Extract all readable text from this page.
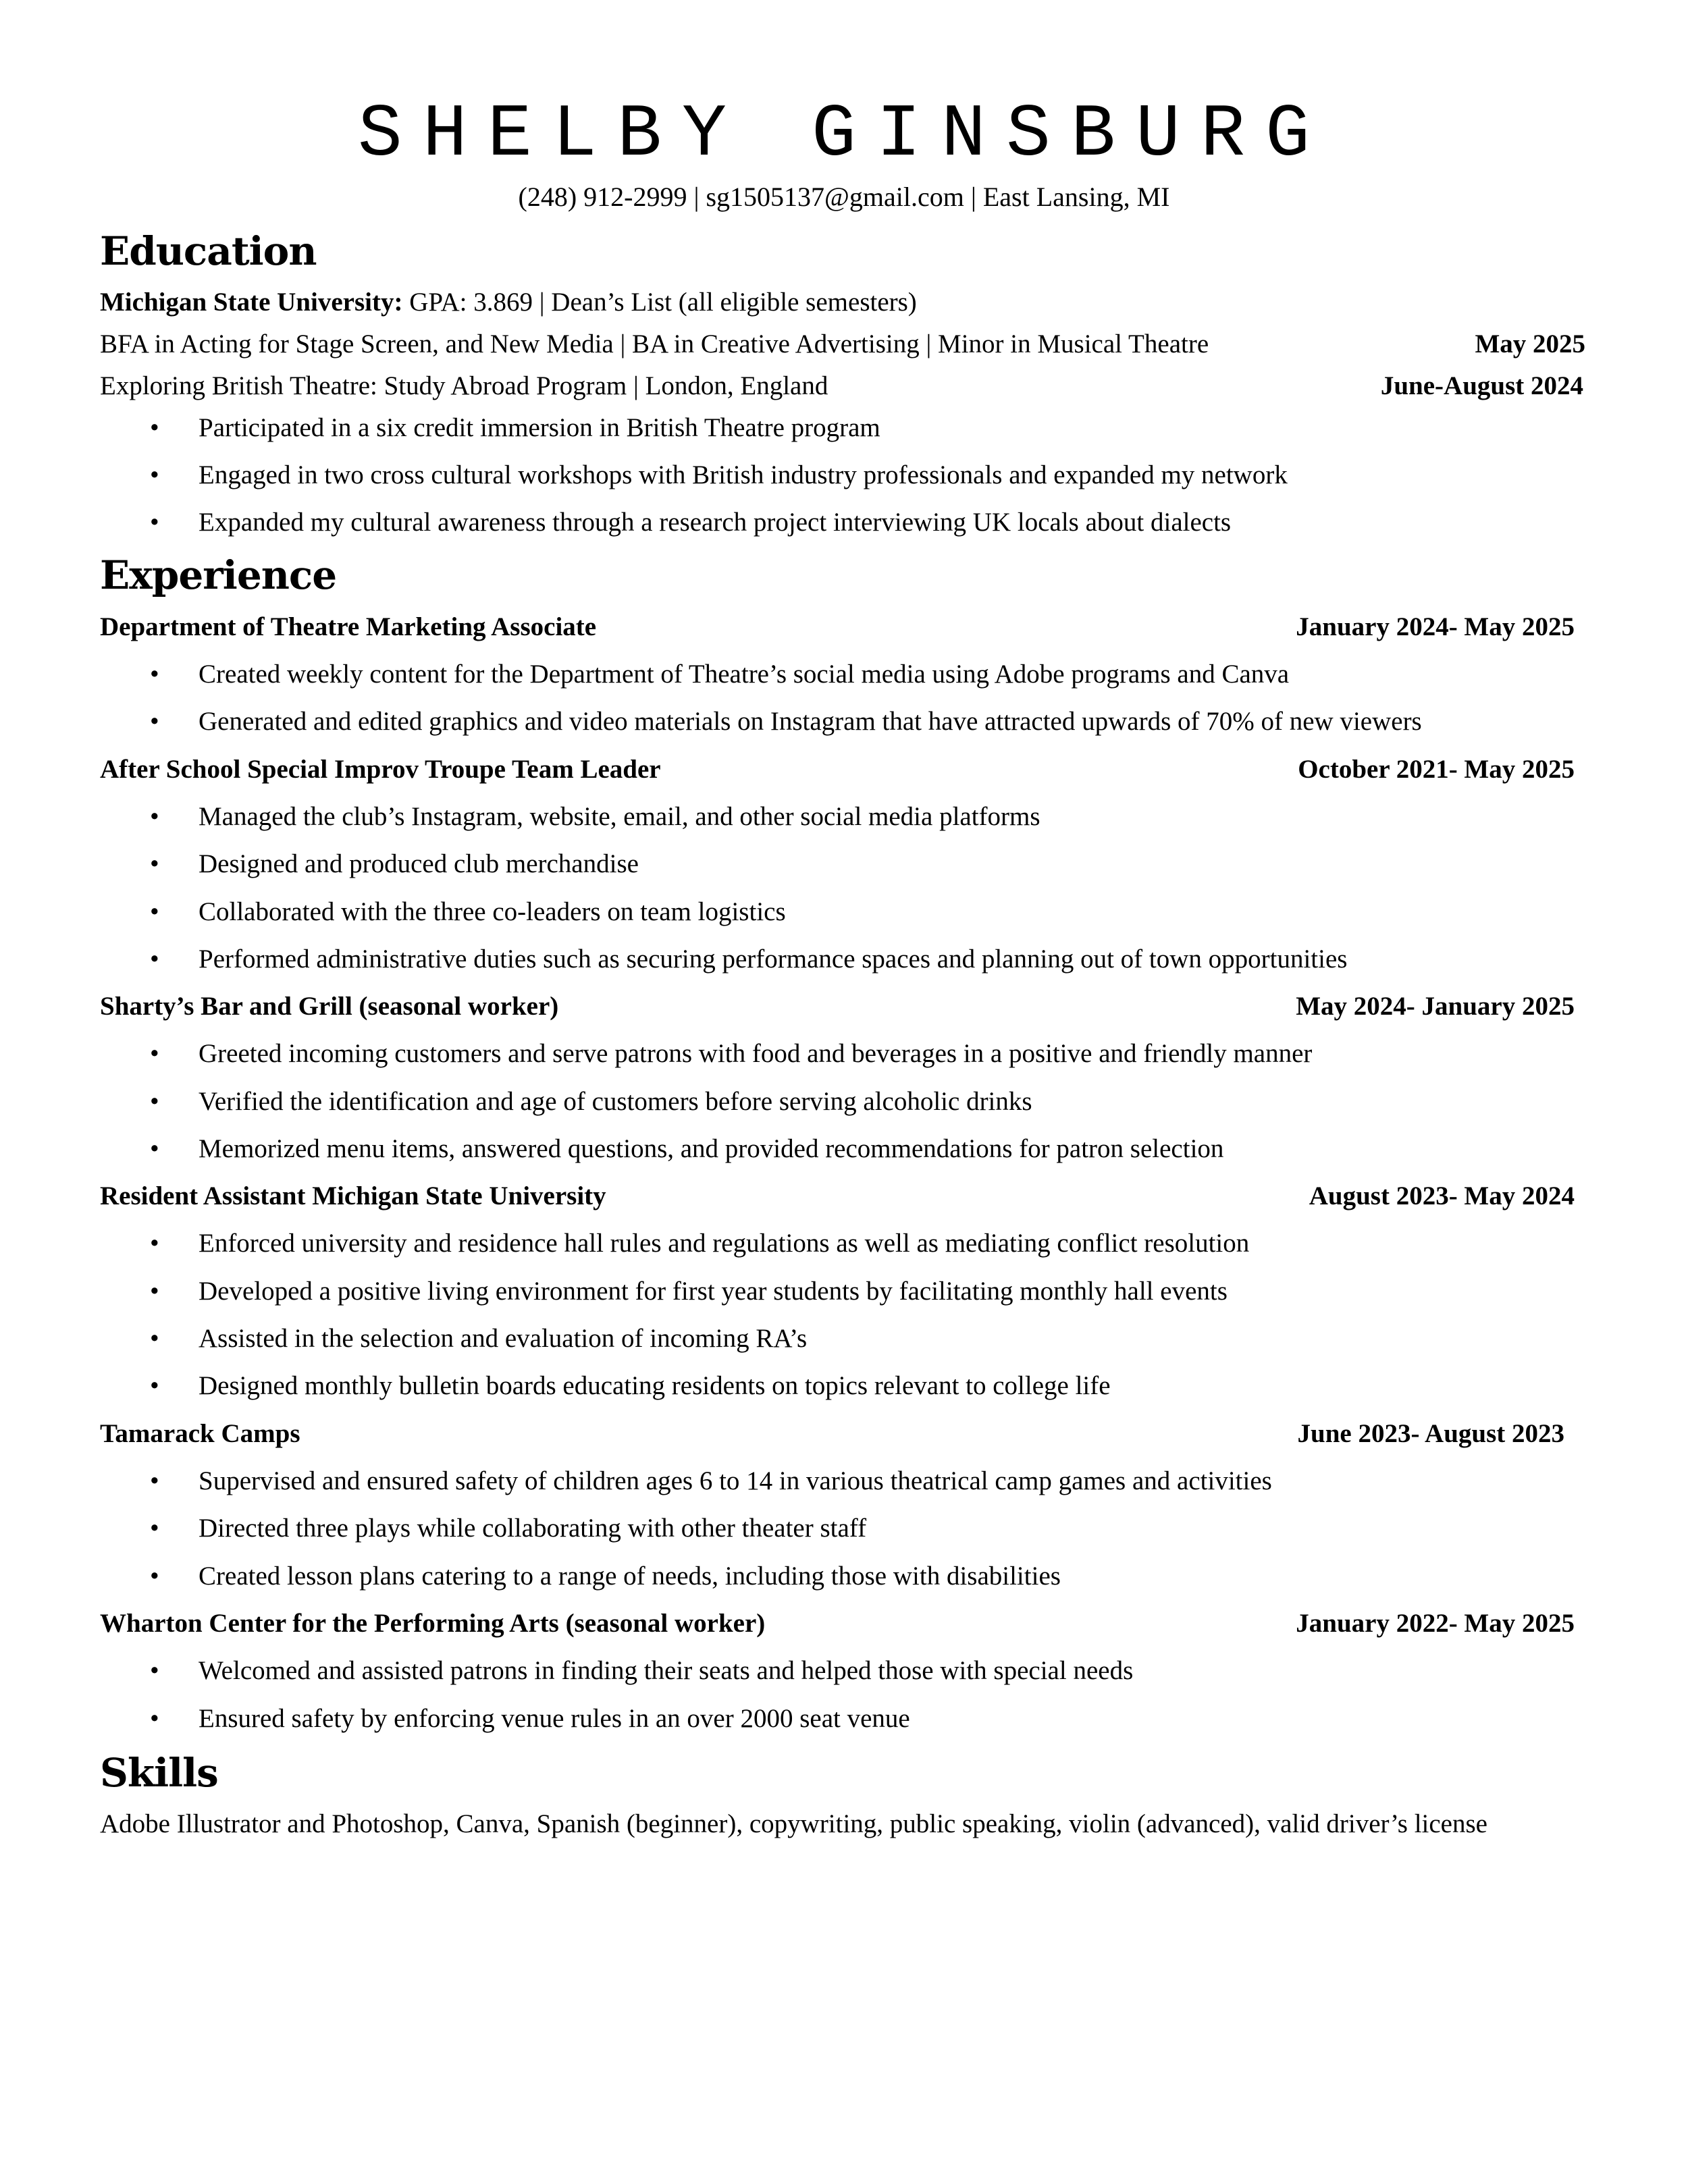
SHELBY GINSBURG
(248) 912-2999 | sg1505137@gmail.com | East Lansing, MI
Education
Michigan State University: GPA: 3.869 | Dean’s List (all eligible semesters)
BFA in Acting for Stage Screen, and New Media | BA in Creative Advertising | Minor in Musical Theatre	May 2025
Exploring British Theatre: Study Abroad Program | London, England	June-August 2024
• Participated in a six credit immersion in British Theatre program
• Engaged in two cross cultural workshops with British industry professionals and expanded my network
• Expanded my cultural awareness through a research project interviewing UK locals about dialects
Experience
Department of Theatre Marketing Associate	January 2024- May 2025
• Created weekly content for the Department of Theatre’s social media using Adobe programs and Canva
• Generated and edited graphics and video materials on Instagram that have attracted upwards of 70% of new viewers
After School Special Improv Troupe Team Leader	October 2021- May 2025
• Managed the club’s Instagram, website, email, and other social media platforms
• Designed and produced club merchandise
• Collaborated with the three co-leaders on team logistics
• Performed administrative duties such as securing performance spaces and planning out of town opportunities
Sharty’s Bar and Grill (seasonal worker)	May 2024- January 2025
• Greeted incoming customers and serve patrons with food and beverages in a positive and friendly manner
• Verified the identification and age of customers before serving alcoholic drinks
• Memorized menu items, answered questions, and provided recommendations for patron selection
Resident Assistant Michigan State University	August 2023- May 2024
• Enforced university and residence hall rules and regulations as well as mediating conflict resolution
• Developed a positive living environment for first year students by facilitating monthly hall events
• Assisted in the selection and evaluation of incoming RA’s
• Designed monthly bulletin boards educating residents on topics relevant to college life
Tamarack Camps	June 2023- August 2023
• Supervised and ensured safety of children ages 6 to 14 in various theatrical camp games and activities
• Directed three plays while collaborating with other theater staff
• Created lesson plans catering to a range of needs, including those with disabilities
Wharton Center for the Performing Arts (seasonal worker)	January 2022- May 2025
• Welcomed and assisted patrons in finding their seats and helped those with special needs
• Ensured safety by enforcing venue rules in an over 2000 seat venue
Skills
Adobe Illustrator and Photoshop, Canva, Spanish (beginner), copywriting, public speaking, violin (advanced), valid driver’s license
